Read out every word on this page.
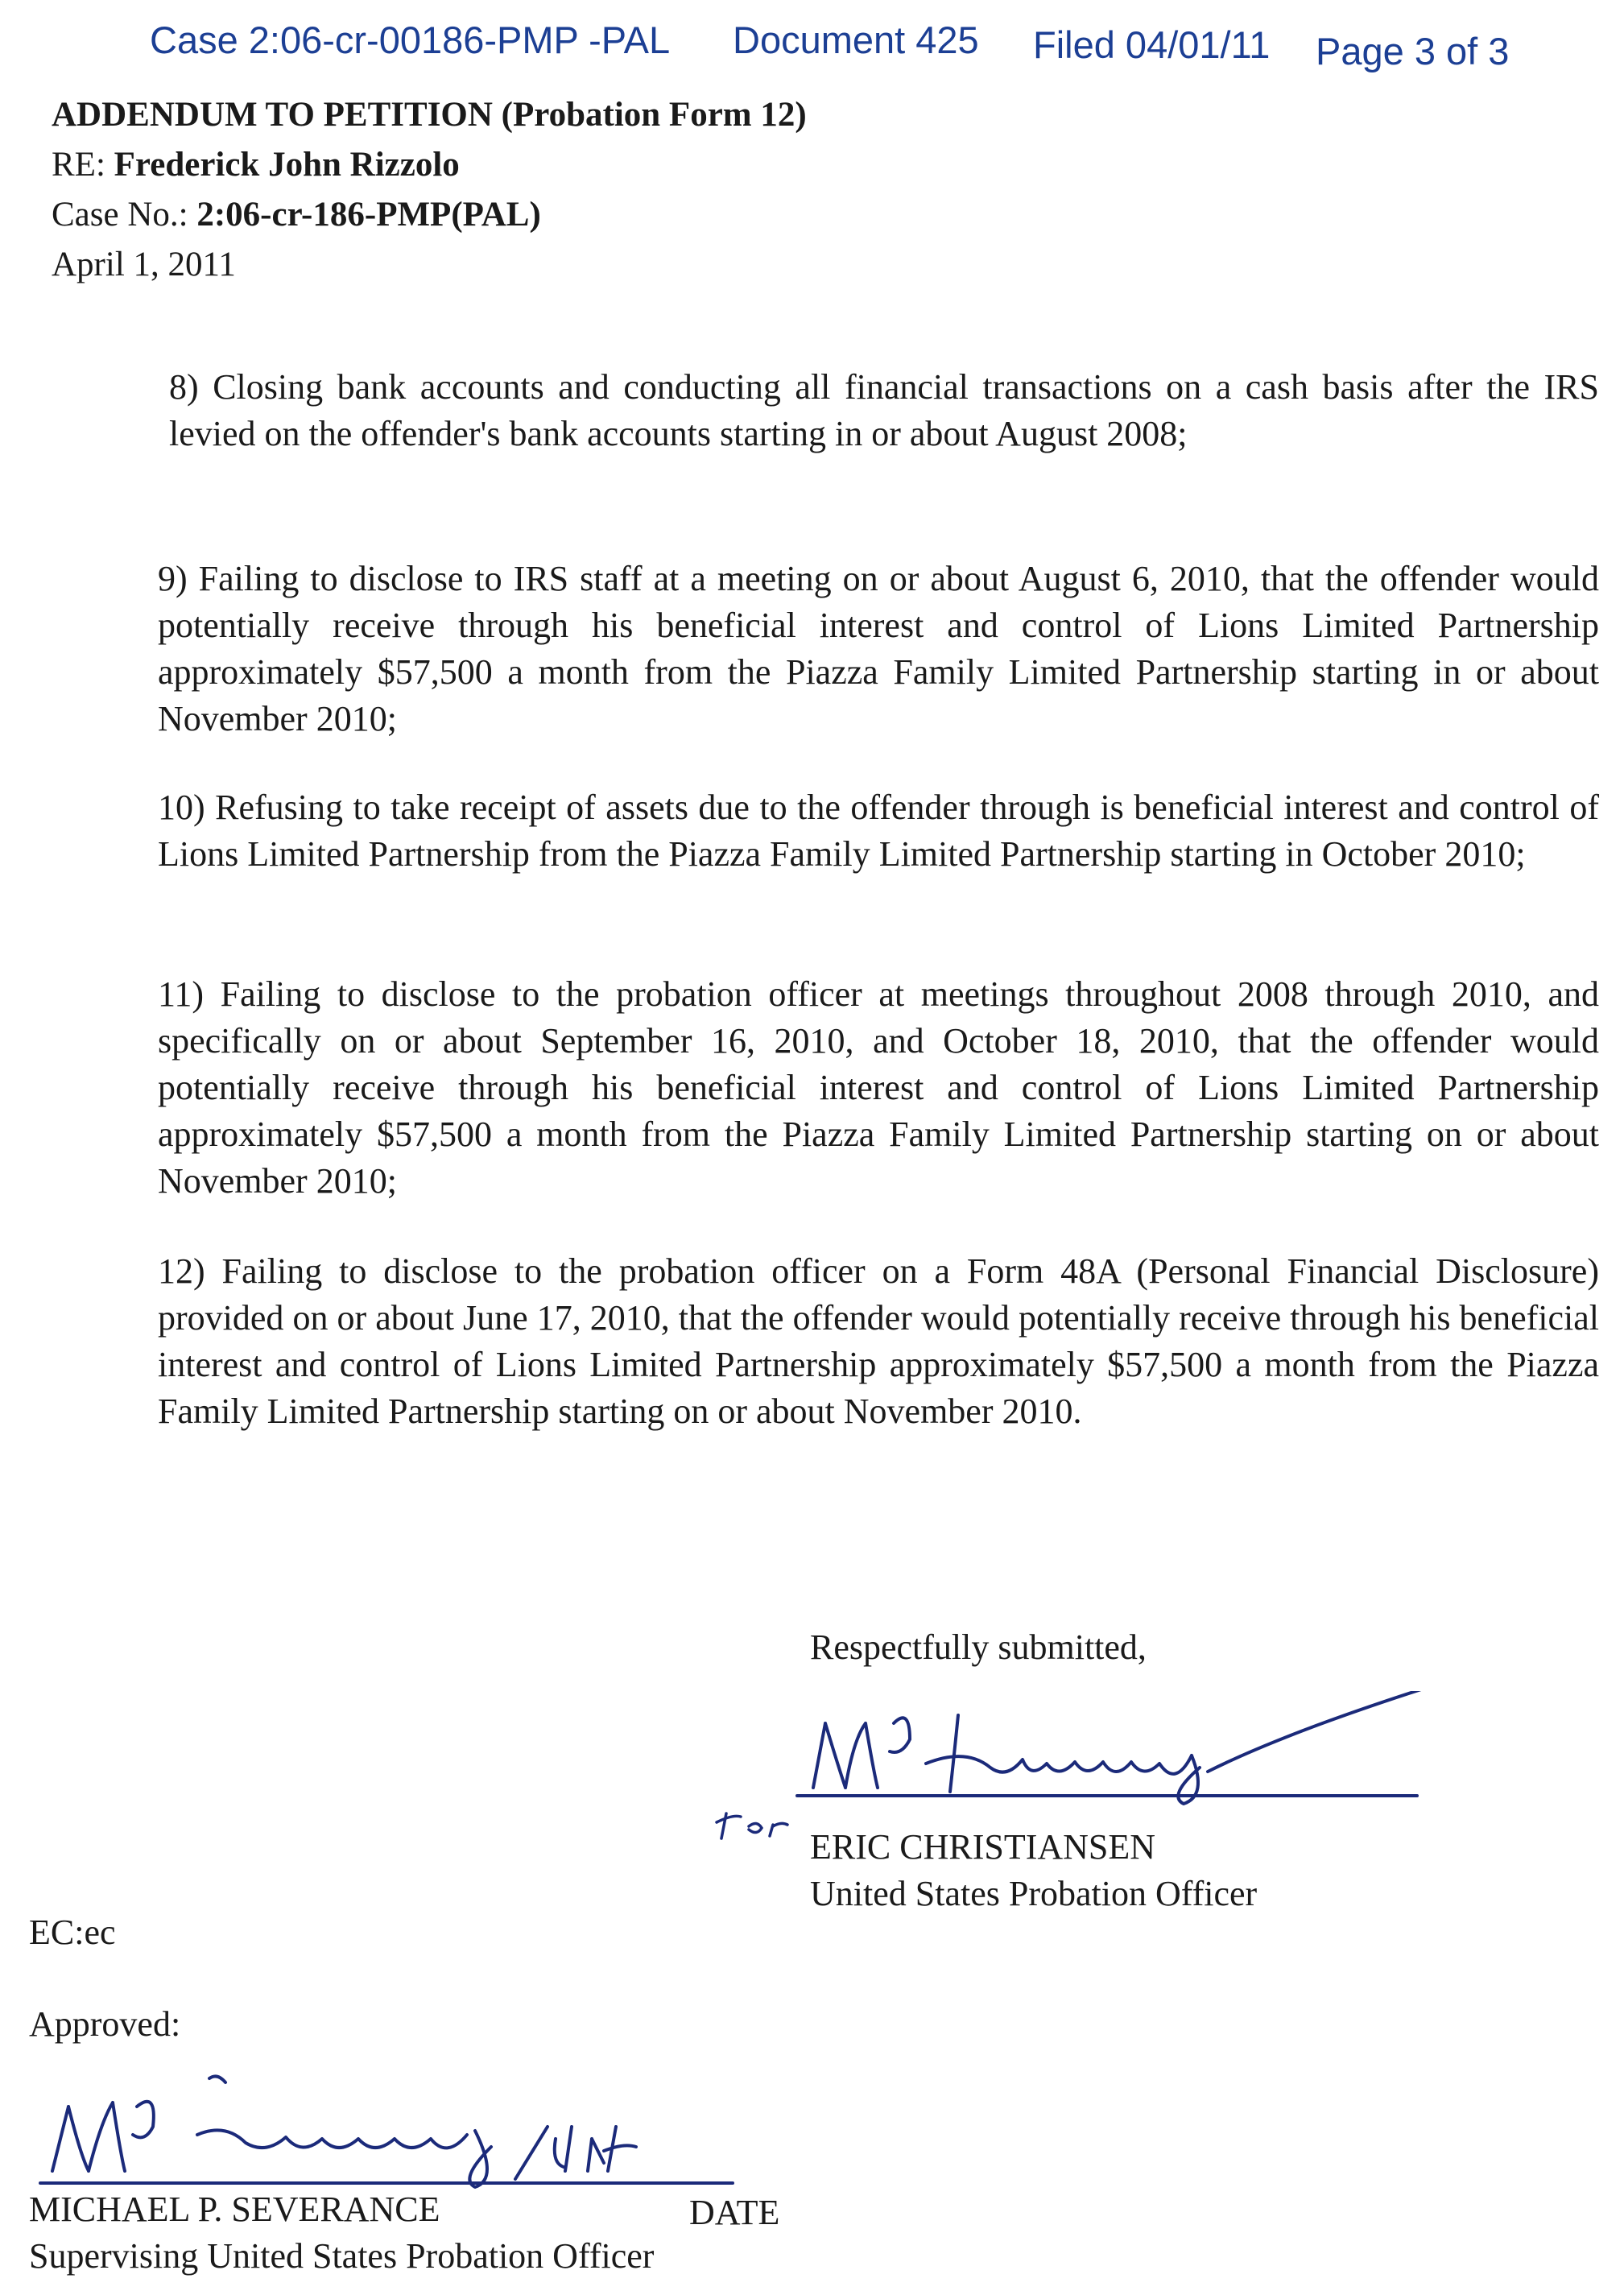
Case 2:06-cr-00186-PMP -PAL Document 425 Filed 04/01/11 Page 3 of 3
ADDENDUM TO PETITION (Probation Form 12)
RE: Frederick John Rizzolo
Case No.: 2:06-cr-186-PMP(PAL)
April 1, 2011
8) Closing bank accounts and conducting all financial transactions on a cash basis after the IRS levied on the offender's bank accounts starting in or about August 2008;
9) Failing to disclose to IRS staff at a meeting on or about August 6, 2010, that the offender would potentially receive through his beneficial interest and control of Lions Limited Partnership approximately $57,500 a month from the Piazza Family Limited Partnership starting in or about November 2010;
10) Refusing to take receipt of assets due to the offender through is beneficial interest and control of Lions Limited Partnership from the Piazza Family Limited Partnership starting in October 2010;
11) Failing to disclose to the probation officer at meetings throughout 2008 through 2010, and specifically on or about September 16, 2010, and October 18, 2010, that the offender would potentially receive through his beneficial interest and control of Lions Limited Partnership approximately $57,500 a month from the Piazza Family Limited Partnership starting on or about November 2010;
12) Failing to disclose to the probation officer on a Form 48A (Personal Financial Disclosure) provided on or about June 17, 2010, that the offender would potentially receive through his beneficial interest and control of Lions Limited Partnership approximately $57,500 a month from the Piazza Family Limited Partnership starting on or about November 2010.
Respectfully submitted,
ERIC CHRISTIANSEN
United States Probation Officer
EC:ec
Approved:
MICHAEL P. SEVERANCE	DATE
Supervising United States Probation Officer
